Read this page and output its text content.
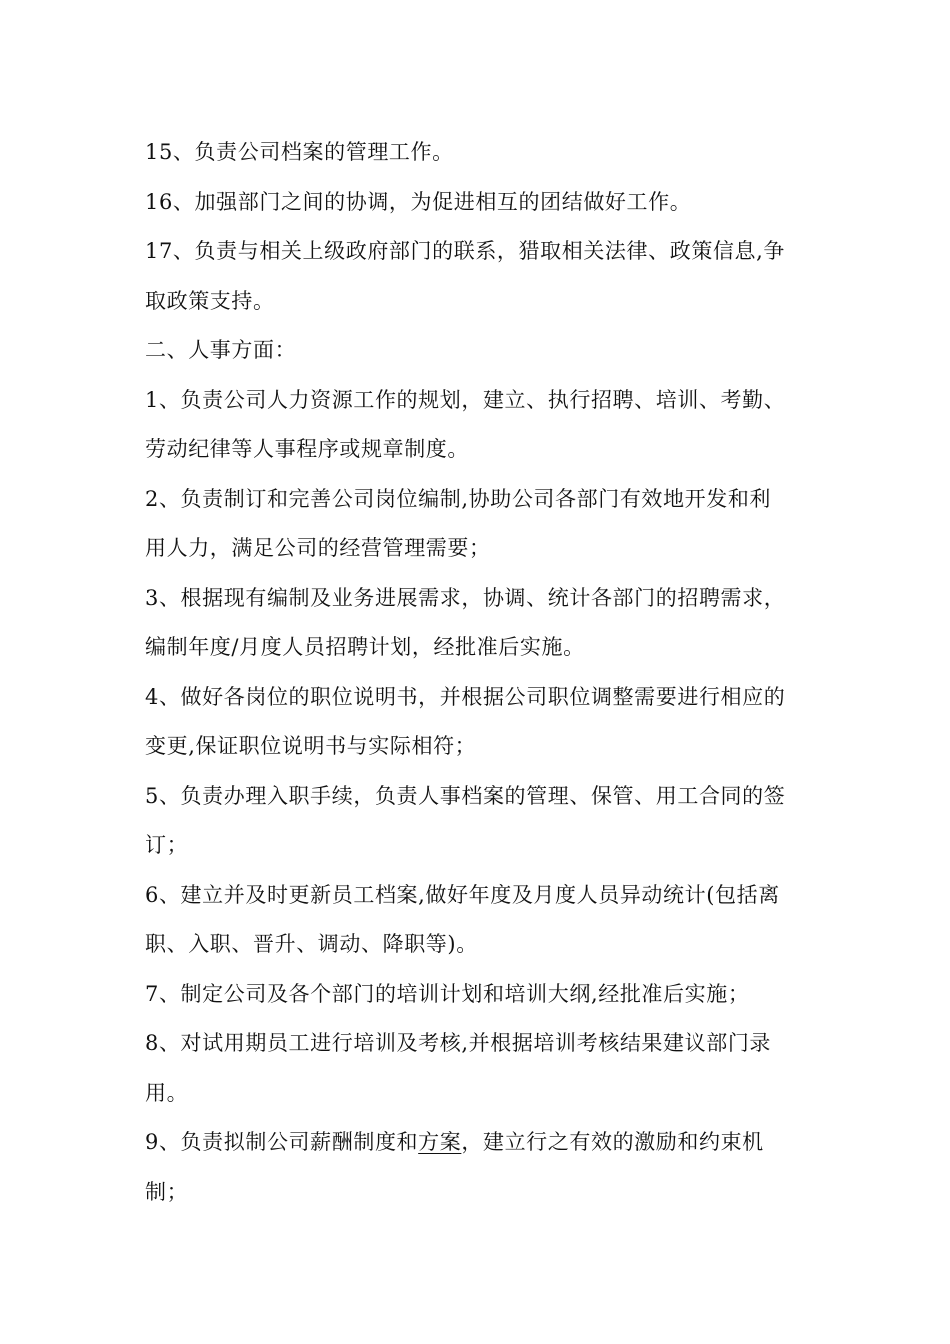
15、负责公司档案的管理工作。
16、加强部门之间的协调，为促进相互的团结做好工作。
17、负责与相关上级政府部门的联系，猎取相关法律、政策信息,争
取政策支持。
二、人事方面：
1、负责公司人力资源工作的规划，建立、执行招聘、培训、考勤、
劳动纪律等人事程序或规章制度。
2、负责制订和完善公司岗位编制,协助公司各部门有效地开发和利
用人力，满足公司的经营管理需要；
3、根据现有编制及业务进展需求，协调、统计各部门的招聘需求，
编制年度/月度人员招聘计划，经批准后实施。
4、做好各岗位的职位说明书，并根据公司职位调整需要进行相应的
变更,保证职位说明书与实际相符；
5、负责办理入职手续，负责人事档案的管理、保管、用工合同的签
订；
6、建立并及时更新员工档案,做好年度及月度人员异动统计(包括离
职、入职、晋升、调动、降职等)。
7、制定公司及各个部门的培训计划和培训大纲,经批准后实施；
8、对试用期员工进行培训及考核,并根据培训考核结果建议部门录
用。
9、负责拟制公司薪酬制度和方案，建立行之有效的激励和约束机
制；
